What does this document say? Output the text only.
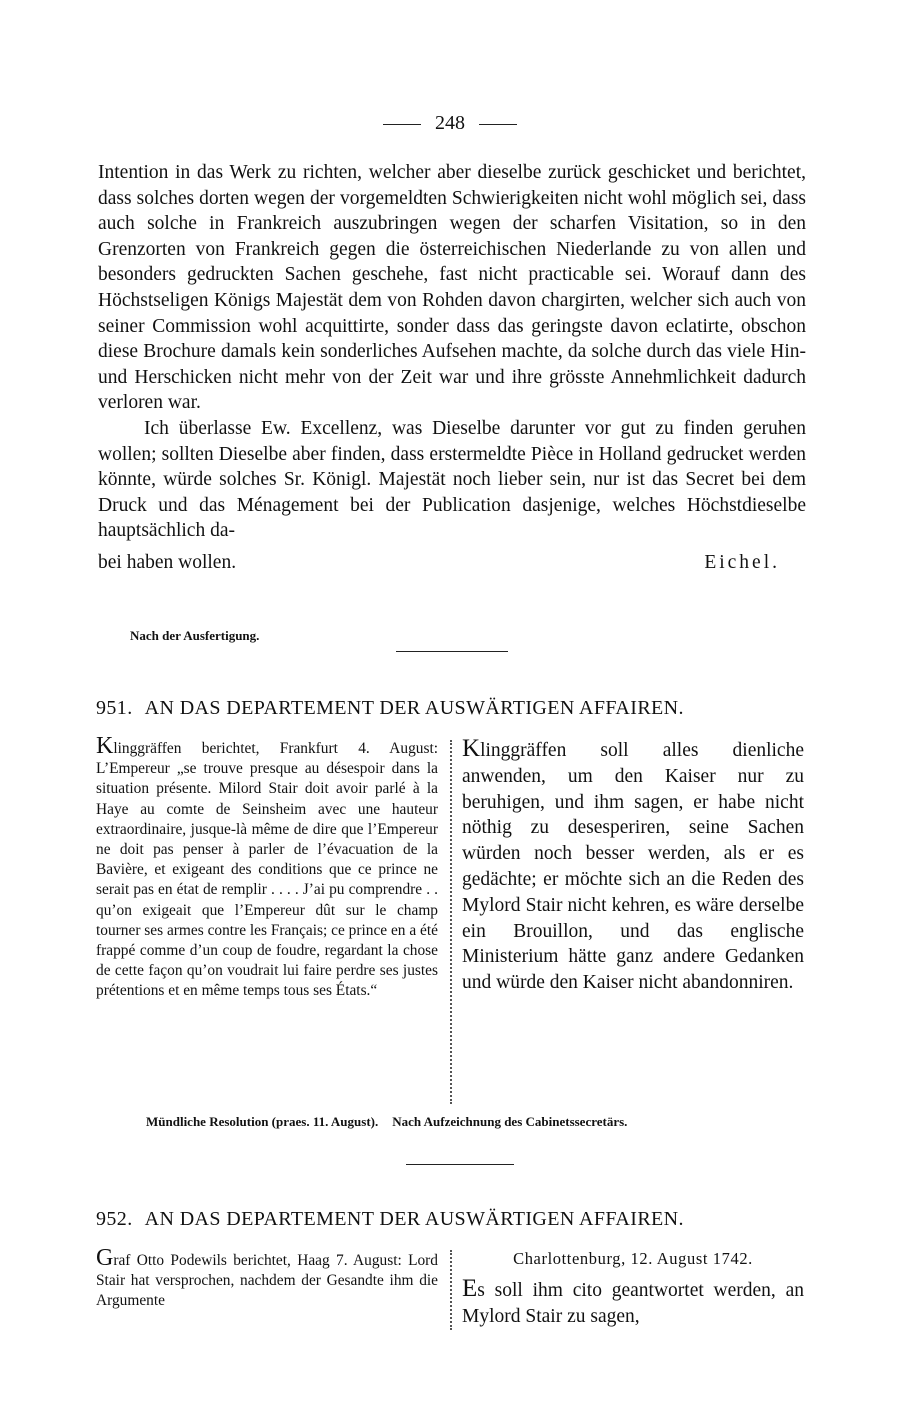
248

Intention in das Werk zu richten, welcher aber dieselbe zurück geschicket und berichtet, dass solches dorten wegen der vorgemeldten Schwierigkeiten nicht wohl möglich sei, dass auch solche in Frankreich auszubringen wegen der scharfen Visitation, so in den Grenzorten von Frankreich gegen die österreichischen Niederlande zu von allen und besonders gedruckten Sachen geschehe, fast nicht practicable sei. Worauf dann des Höchstseligen Königs Majestät dem von Rohden davon chargirten, welcher sich auch von seiner Commission wohl acquittirte, sonder dass das geringste davon eclatirte, obschon diese Brochure damals kein sonderliches Aufsehen machte, da solche durch das viele Hin- und Herschicken nicht mehr von der Zeit war und ihre grösste Annehmlichkeit dadurch verloren war.

Ich überlasse Ew. Excellenz, was Dieselbe darunter vor gut zu finden geruhen wollen; sollten Dieselbe aber finden, dass erstermeldte Pièce in Holland gedrucket werden könnte, würde solches Sr. Königl. Majestät noch lieber sein, nur ist das Secret bei dem Druck und das Ménagement bei der Publication dasjenige, welches Höchstdieselbe hauptsächlich da-

bei haben wollen.	Eichel.
Nach der Ausfertigung.
951. AN DAS DEPARTEMENT DER AUSWÄRTIGEN AFFAIREN.
Klinggräffen berichtet, Frankfurt 4. August: L’Empereur „se trouve presque au désespoir dans la situation présente. Milord Stair doit avoir parlé à la Haye au comte de Seinsheim avec une hauteur extraordinaire, jusque-là même de dire que l’Empereur ne doit pas penser à parler de l’évacuation de la Bavière, et exigeant des conditions que ce prince ne serait pas en état de remplir . . . . J’ai pu comprendre . . qu’on exigeait que l’Empereur dût sur le champ tourner ses armes contre les Français; ce prince en a été frappé comme d’un coup de foudre, regardant la chose de cette façon qu’on voudrait lui faire perdre ses justes prétentions et en même temps tous ses États.“
Klinggräffen soll alles dienliche anwenden, um den Kaiser nur zu beruhigen, und ihm sagen, er habe nicht nöthig zu desesperiren, seine Sachen würden noch besser werden, als er es gedächte; er möchte sich an die Reden des Mylord Stair nicht kehren, es wäre derselbe ein Brouillon, und das englische Ministerium hätte ganz andere Gedanken und würde den Kaiser nicht abandonniren.
Mündliche Resolution (praes. 11. August). Nach Aufzeichnung des Cabinetssecretärs.
952. AN DAS DEPARTEMENT DER AUSWÄRTIGEN AFFAIREN.
Graf Otto Podewils berichtet, Haag 7. August: Lord Stair hat versprochen, nachdem der Gesandte ihm die Argumente
Charlottenburg, 12. August 1742.
Es soll ihm cito geantwortet werden, an Mylord Stair zu sagen,
